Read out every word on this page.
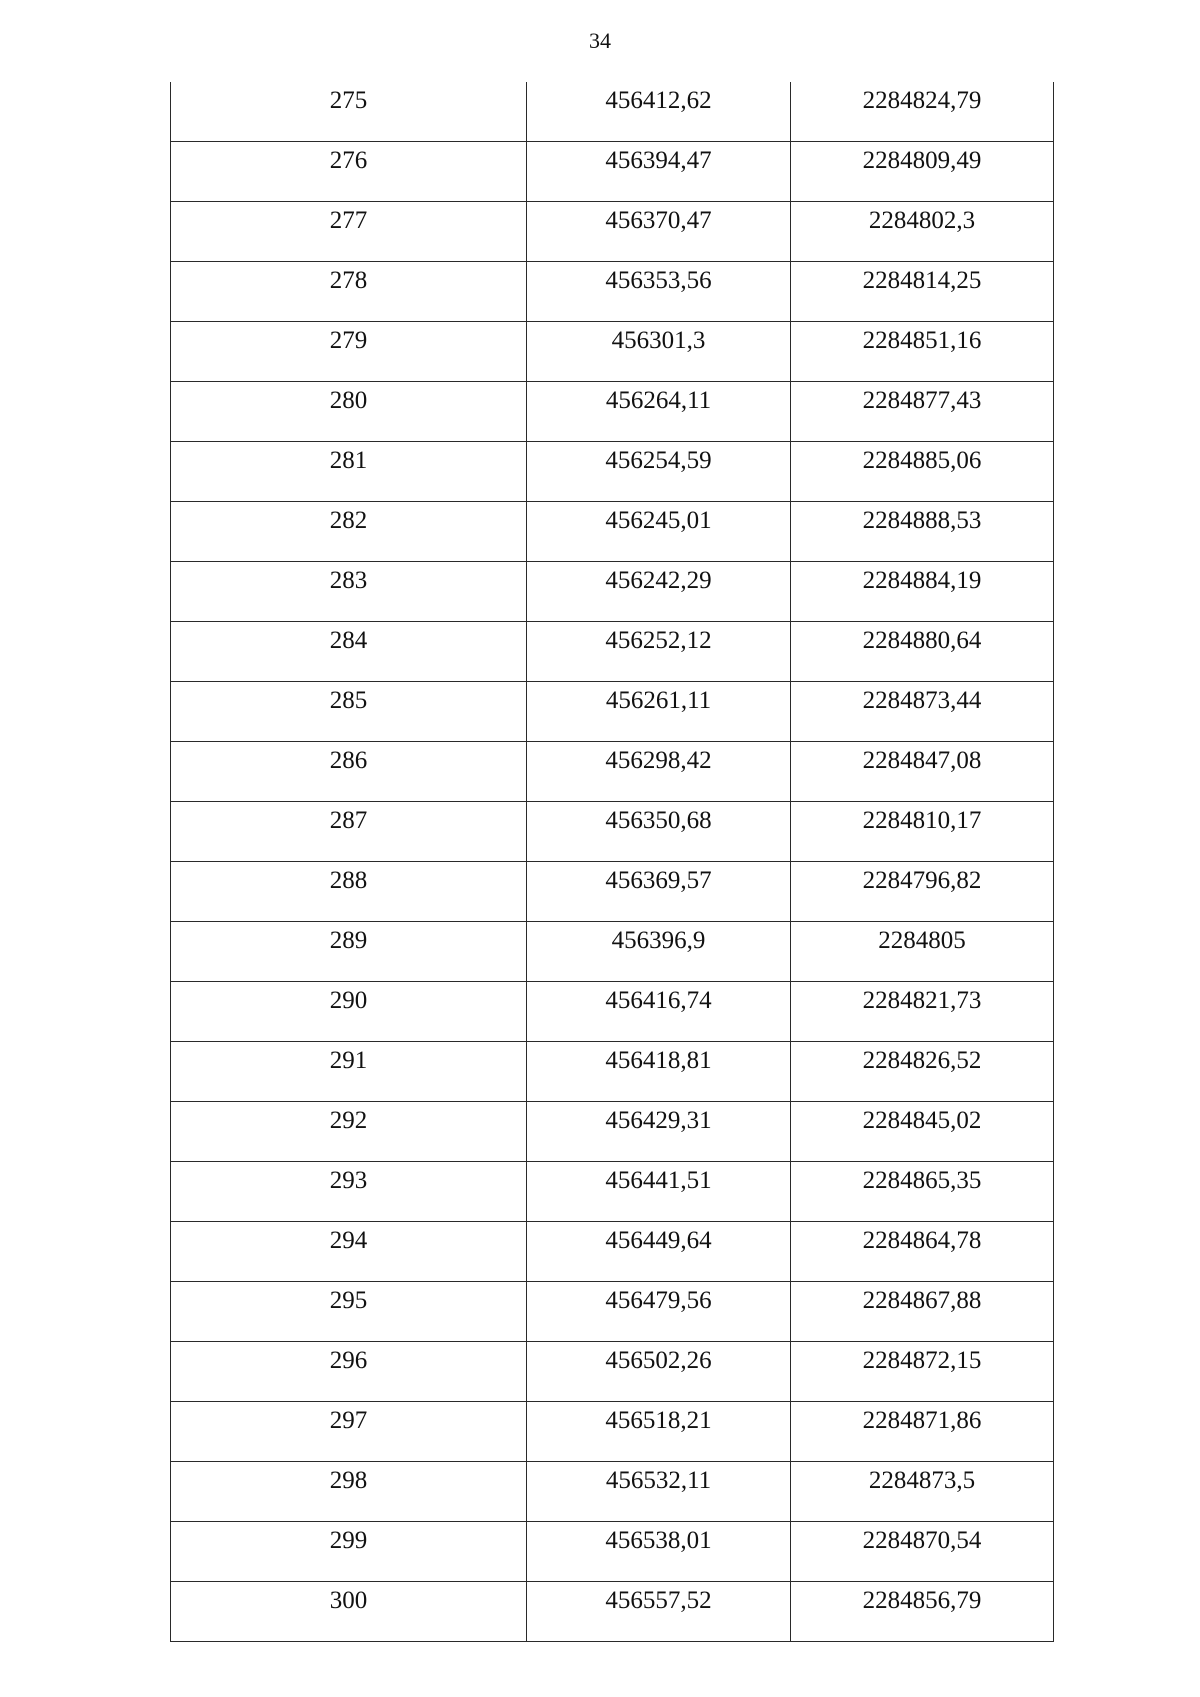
34
275	456412,62	2284824,79
276	456394,47	2284809,49
277	456370,47	2284802,3
278	456353,56	2284814,25
279	456301,3	2284851,16
280	456264,11	2284877,43
281	456254,59	2284885,06
282	456245,01	2284888,53
283	456242,29	2284884,19
284	456252,12	2284880,64
285	456261,11	2284873,44
286	456298,42	2284847,08
287	456350,68	2284810,17
288	456369,57	2284796,82
289	456396,9	2284805
290	456416,74	2284821,73
291	456418,81	2284826,52
292	456429,31	2284845,02
293	456441,51	2284865,35
294	456449,64	2284864,78
295	456479,56	2284867,88
296	456502,26	2284872,15
297	456518,21	2284871,86
298	456532,11	2284873,5
299	456538,01	2284870,54
300	456557,52	2284856,79
